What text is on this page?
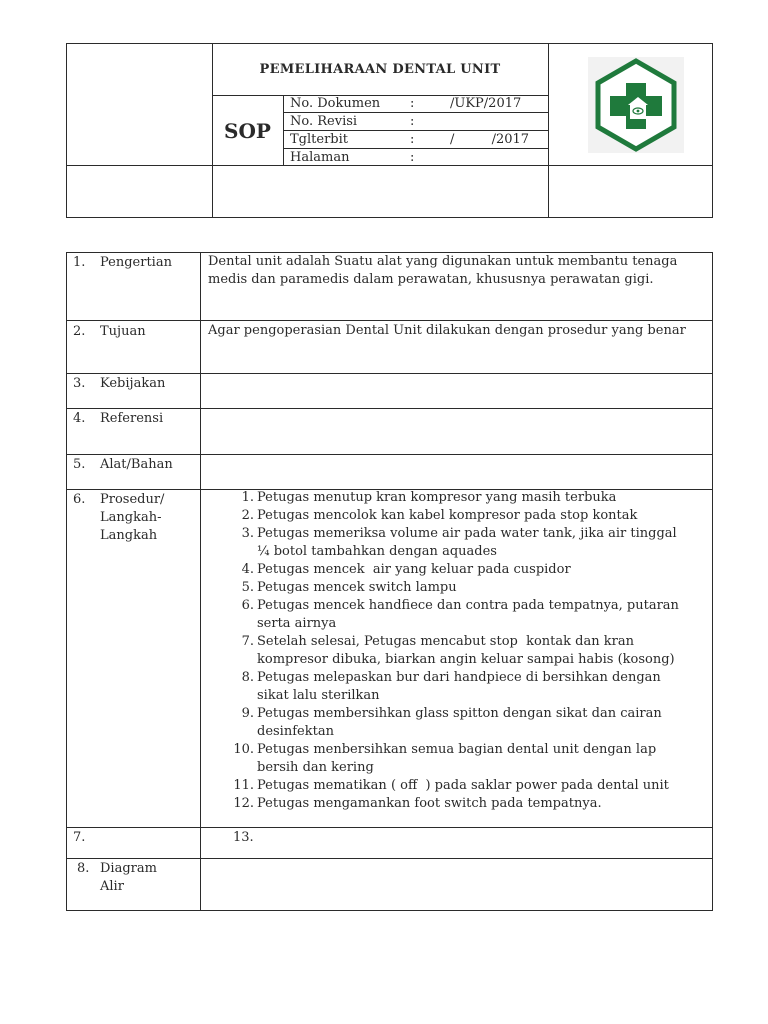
PEMELIHARAAN DENTAL UNIT
SOP
No. Dokumen :	/UKP/2017
No. Revisi	:
Tglterbit	:	/         /2017
Halaman	:
1. Pengertian	Dental unit adalah Suatu alat yang digunakan untuk membantu tenaga medis dan paramedis dalam perawatan, khususnya perawatan gigi.
2. Tujuan	Agar pengoperasian Dental Unit dilakukan dengan prosedur yang benar
3. Kebijakan
4. Referensi
5. Alat/Bahan
6. Prosedur/
Langkah-
Langkah
1. Petugas menutup kran kompresor yang masih terbuka
2. Petugas mencolok kan kabel kompresor pada stop kontak
3. Petugas memeriksa volume air pada water tank, jika air tinggal
¼ botol tambahkan dengan aquades
4. Petugas mencek  air yang keluar pada cuspidor
5. Petugas mencek switch lampu
6. Petugas mencek handfiece dan contra pada tempatnya, putaran
serta airnya
7. Setelah selesai, Petugas mencabut stop  kontak dan kran
kompresor dibuka, biarkan angin keluar sampai habis (kosong)
8. Petugas melepaskan bur dari handpiece di bersihkan dengan
sikat lalu sterilkan
9. Petugas membersihkan glass spitton dengan sikat dan cairan
desinfektan
10. Petugas menbersihkan semua bagian dental unit dengan lap
bersih dan kering
11. Petugas mematikan ( off  ) pada saklar power pada dental unit
12. Petugas mengamankan foot switch pada tempatnya.
7.	13.
8. Diagram
Alir
